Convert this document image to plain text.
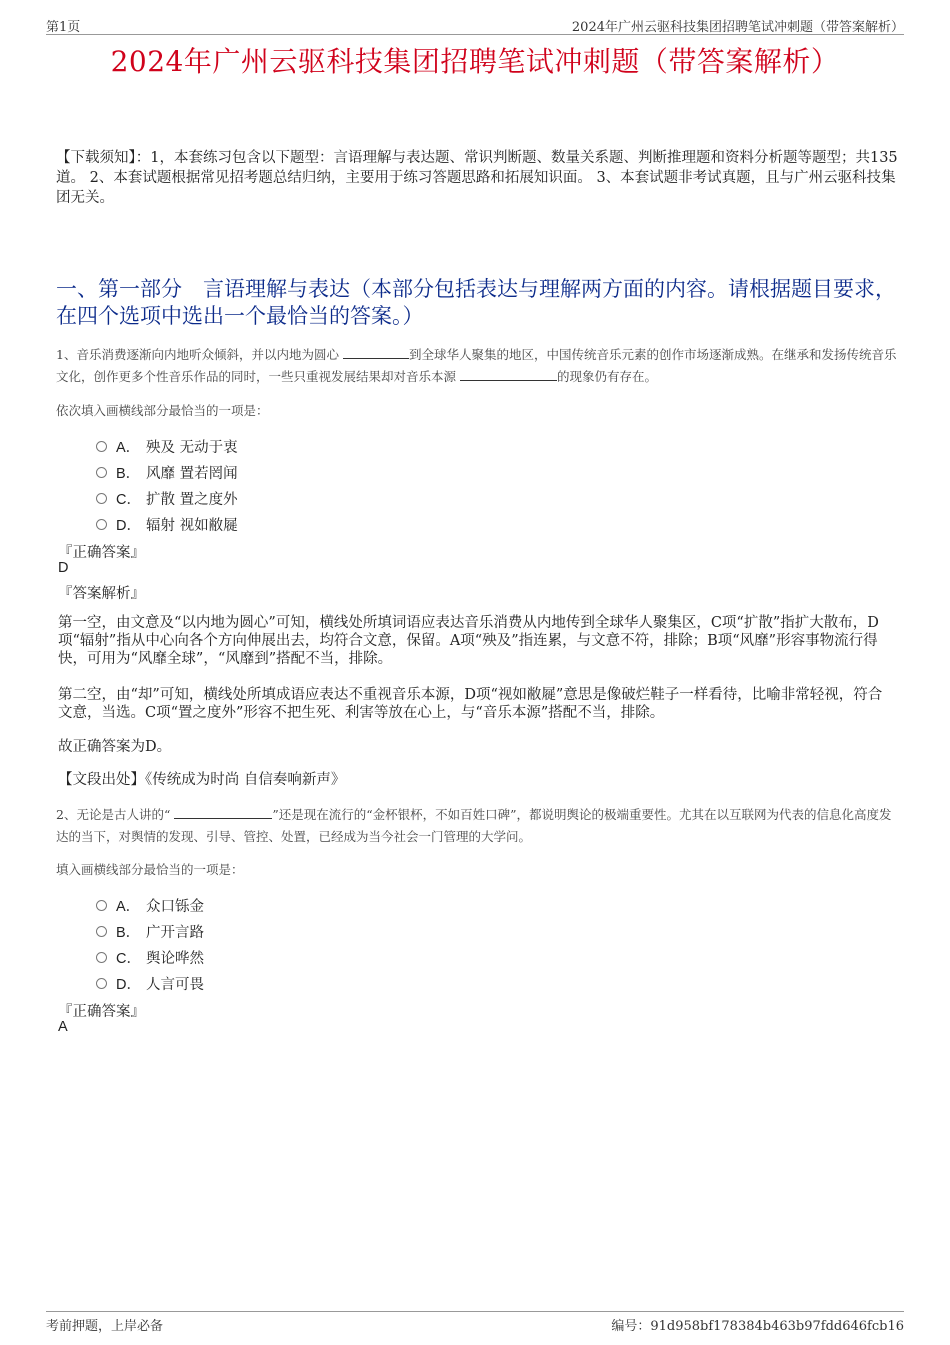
第1页	2024年广州云驱科技集团招聘笔试冲刺题（带答案解析）
2024年广州云驱科技集团招聘笔试冲刺题（带答案解析）
【下载须知】：1，本套练习包含以下题型：言语理解与表达题、常识判断题、数量关系题、判断推理题和资料分析题等题型；共135道。 2、本套试题根据常见招考题总结归纳，主要用于练习答题思路和拓展知识面。 3、本套试题非考试真题，且与广州云驱科技集团无关。
一、第一部分　言语理解与表达（本部分包括表达与理解两方面的内容。请根据题目要求，在四个选项中选出一个最恰当的答案。）
1、音乐消费逐渐向内地听众倾斜，并以内地为圆心	到全球华人聚集的地区，中国传统音乐元素的创作市场逐渐成熟。在继承和发扬传统音乐文化，创作更多个性音乐作品的同时，一些只重视发展结果却对音乐本源	的现象仍有存在。
依次填入画横线部分最恰当的一项是：
A． 殃及 无动于衷
B． 风靡 置若罔闻
C． 扩散 置之度外
D． 辐射 视如敝屣
『正确答案』
D
『答案解析』
第一空，由文意及“以内地为圆心”可知，横线处所填词语应表达音乐消费从内地传到全球华人聚集区，C项“扩散”指扩大散布，D项“辐射”指从中心向各个方向伸展出去，均符合文意，保留。A项“殃及”指连累，与文意不符，排除；B项“风靡”形容事物流行得快，可用为“风靡全球”，“风靡到”搭配不当，排除。
第二空，由“却”可知，横线处所填成语应表达不重视音乐本源，D项“视如敝屣”意思是像破烂鞋子一样看待，比喻非常轻视，符合文意，当选。C项“置之度外”形容不把生死、利害等放在心上，与“音乐本源”搭配不当，排除。
故正确答案为D。
【文段出处】《传统成为时尚 自信奏响新声》
2、无论是古人讲的“	”还是现在流行的“金杯银杯，不如百姓口碑”，都说明舆论的极端重要性。尤其在以互联网为代表的信息化高度发达的当下，对舆情的发现、引导、管控、处置，已经成为当今社会一门管理的大学问。
填入画横线部分最恰当的一项是：
A． 众口铄金
B． 广开言路
C． 舆论哗然
D． 人言可畏
『正确答案』
A
考前押题，上岸必备	编号：91d958bf178384b463b97fdd646fcb16
